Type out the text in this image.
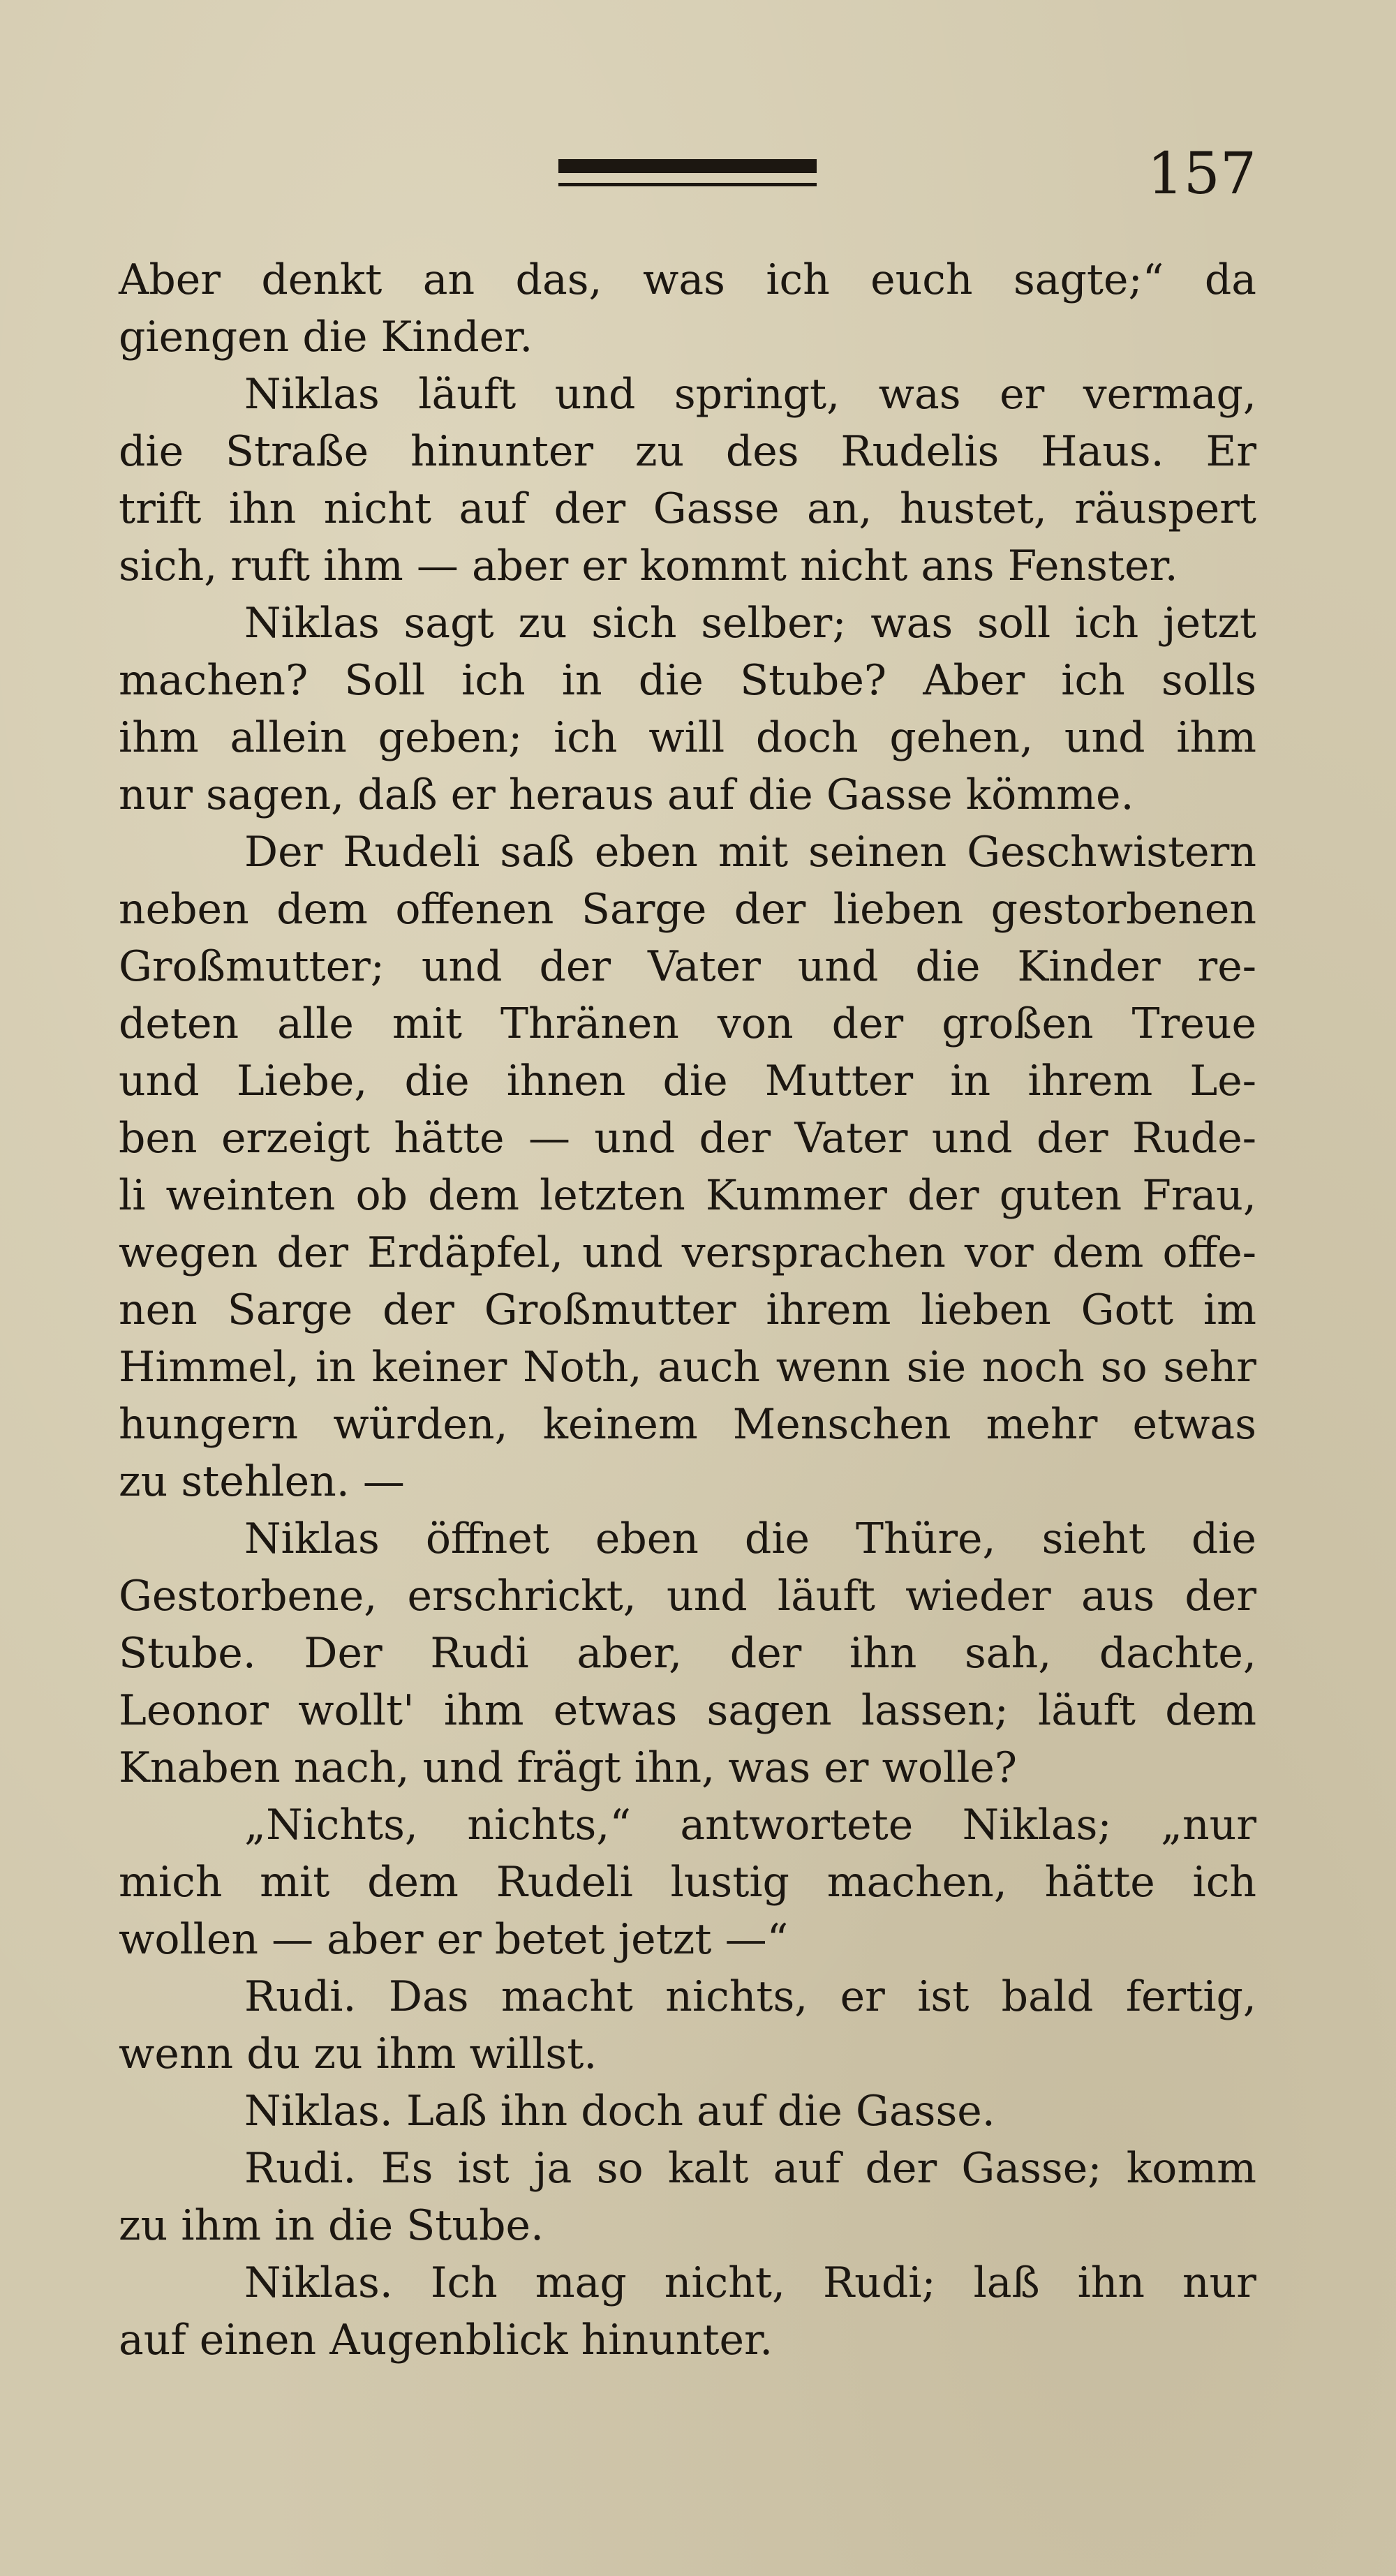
157
Aber denkt an das, was ich euch sagte;“ da
giengen die Kinder.
Niklas läuft und springt, was er vermag,
die Straße hinunter zu des Rudelis Haus. Er
trift ihn nicht auf der Gasse an, hustet, räuspert
sich, ruft ihm — aber er kommt nicht ans Fenster.
Niklas sagt zu sich selber; was soll ich jetzt
machen? Soll ich in die Stube? Aber ich solls
ihm allein geben; ich will doch gehen, und ihm
nur sagen, daß er heraus auf die Gasse kömme.
Der Rudeli saß eben mit seinen Geschwistern
neben dem offenen Sarge der lieben gestorbenen
Großmutter; und der Vater und die Kinder re-
deten alle mit Thränen von der großen Treue
und Liebe, die ihnen die Mutter in ihrem Le-
ben erzeigt hätte — und der Vater und der Rude-
li weinten ob dem letzten Kummer der guten Frau,
wegen der Erdäpfel, und versprachen vor dem offe-
nen Sarge der Großmutter ihrem lieben Gott im
Himmel, in keiner Noth, auch wenn sie noch so sehr
hungern würden, keinem Menschen mehr etwas
zu stehlen. —
Niklas öffnet eben die Thüre, sieht die
Gestorbene, erschrickt, und läuft wieder aus der
Stube. Der Rudi aber, der ihn sah, dachte,
Leonor wollt' ihm etwas sagen lassen; läuft dem
Knaben nach, und frägt ihn, was er wolle?
„Nichts, nichts,“ antwortete Niklas; „nur
mich mit dem Rudeli lustig machen, hätte ich
wollen — aber er betet jetzt —“
Rudi. Das macht nichts, er ist bald fertig,
wenn du zu ihm willst.
Niklas. Laß ihn doch auf die Gasse.
Rudi. Es ist ja so kalt auf der Gasse; komm
zu ihm in die Stube.
Niklas. Ich mag nicht, Rudi; laß ihn nur
auf einen Augenblick hinunter.
